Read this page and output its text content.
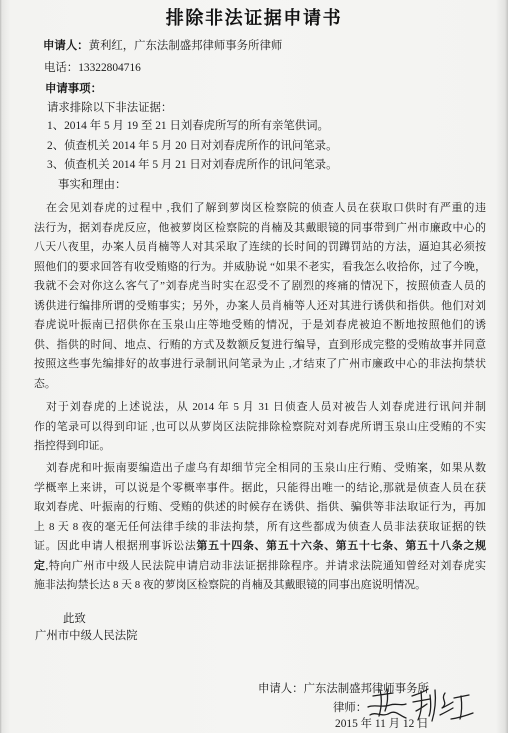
排除非法证据申请书
申请人：黄利红，广东法制盛邦律师事务所律师
电话：13322804716
申请事项：
请求排除以下非法证据：
1、2014 年 5 月 19 至 21 日刘春虎所写的所有亲笔供词。
2、侦查机关 2014 年 5 月 20 日对刘春虎所作的讯问笔录。
3、侦查机关 2014 年 5 月 21 日对刘春虎所作的讯问笔录。
事实和理由：
在会见刘春虎的过程中 ,我们了解到萝岗区检察院的侦查人员在获取口供时有严重的违
法行为，据刘春虎反应，他被萝岗区检察院的肖楠及其戴眼镜的同事带到广州市廉政中心的
八天八夜里，办案人员肖楠等人对其采取了连续的长时间的罚蹲罚站的方法，逼迫其必须按
照他们的要求回答有收受贿赂的行为。并威胁说 “如果不老实，看我怎么收拾你，过了今晚，
我就不会对你这么客气了”刘春虎当时实在忍受不了剧烈的疼痛的情况下，按照侦查人员的
诱供进行编排所谓的受贿事实；另外，办案人员肖楠等人还对其进行诱供和指供。他们对刘
春虎说叶振南已招供你在玉泉山庄等地受贿的情况，于是刘春虎被迫不断地按照他们的诱
供、指供的时间、地点、行贿的方式及数额反复进行编导，直到形成完整的受贿故事并同意
按照这些事先编排好的故事进行录制讯问笔录为止 ,才结束了广州市廉政中心的非法拘禁状
态。
对于刘春虎的上述说法，从 2014 年 5 月 31 日侦查人员对被告人刘春虎进行讯问并制
作的笔录可以得到印证 ,也可以从萝岗区法院排除检察院对刘春虎所谓玉泉山庄受贿的不实
指控得到印证。
刘春虎和叶振南要编造出子虚乌有却细节完全相同的玉泉山庄行贿、受贿案，如果从数
学概率上来讲，可以说是个零概率事件。据此，只能得出唯一的结论,那就是侦查人员在获
取刘春虎、叶振南的行贿、受贿的供述的时候存在诱供、指供、骗供等非法取证行为，再加
上 8 天 8 夜的毫无任何法律手续的非法拘禁，所有这些都成为侦查人员非法获取证据的铁
证。因此申请人根据刑事诉讼法第五十四条、第五十六条、第五十七条、第五十八条之规
定,特向广州市中级人民法院申请启动非法证据排除程序。并请求法院通知曾经对刘春虎实
施非法拘禁长达 8 天 8 夜的萝岗区检察院的肖楠及其戴眼镜的同事出庭说明情况。
此致
广州市中级人民法院
申请人：广东法制盛邦律师事务所
律师：
2015 年 11 月 12 日
